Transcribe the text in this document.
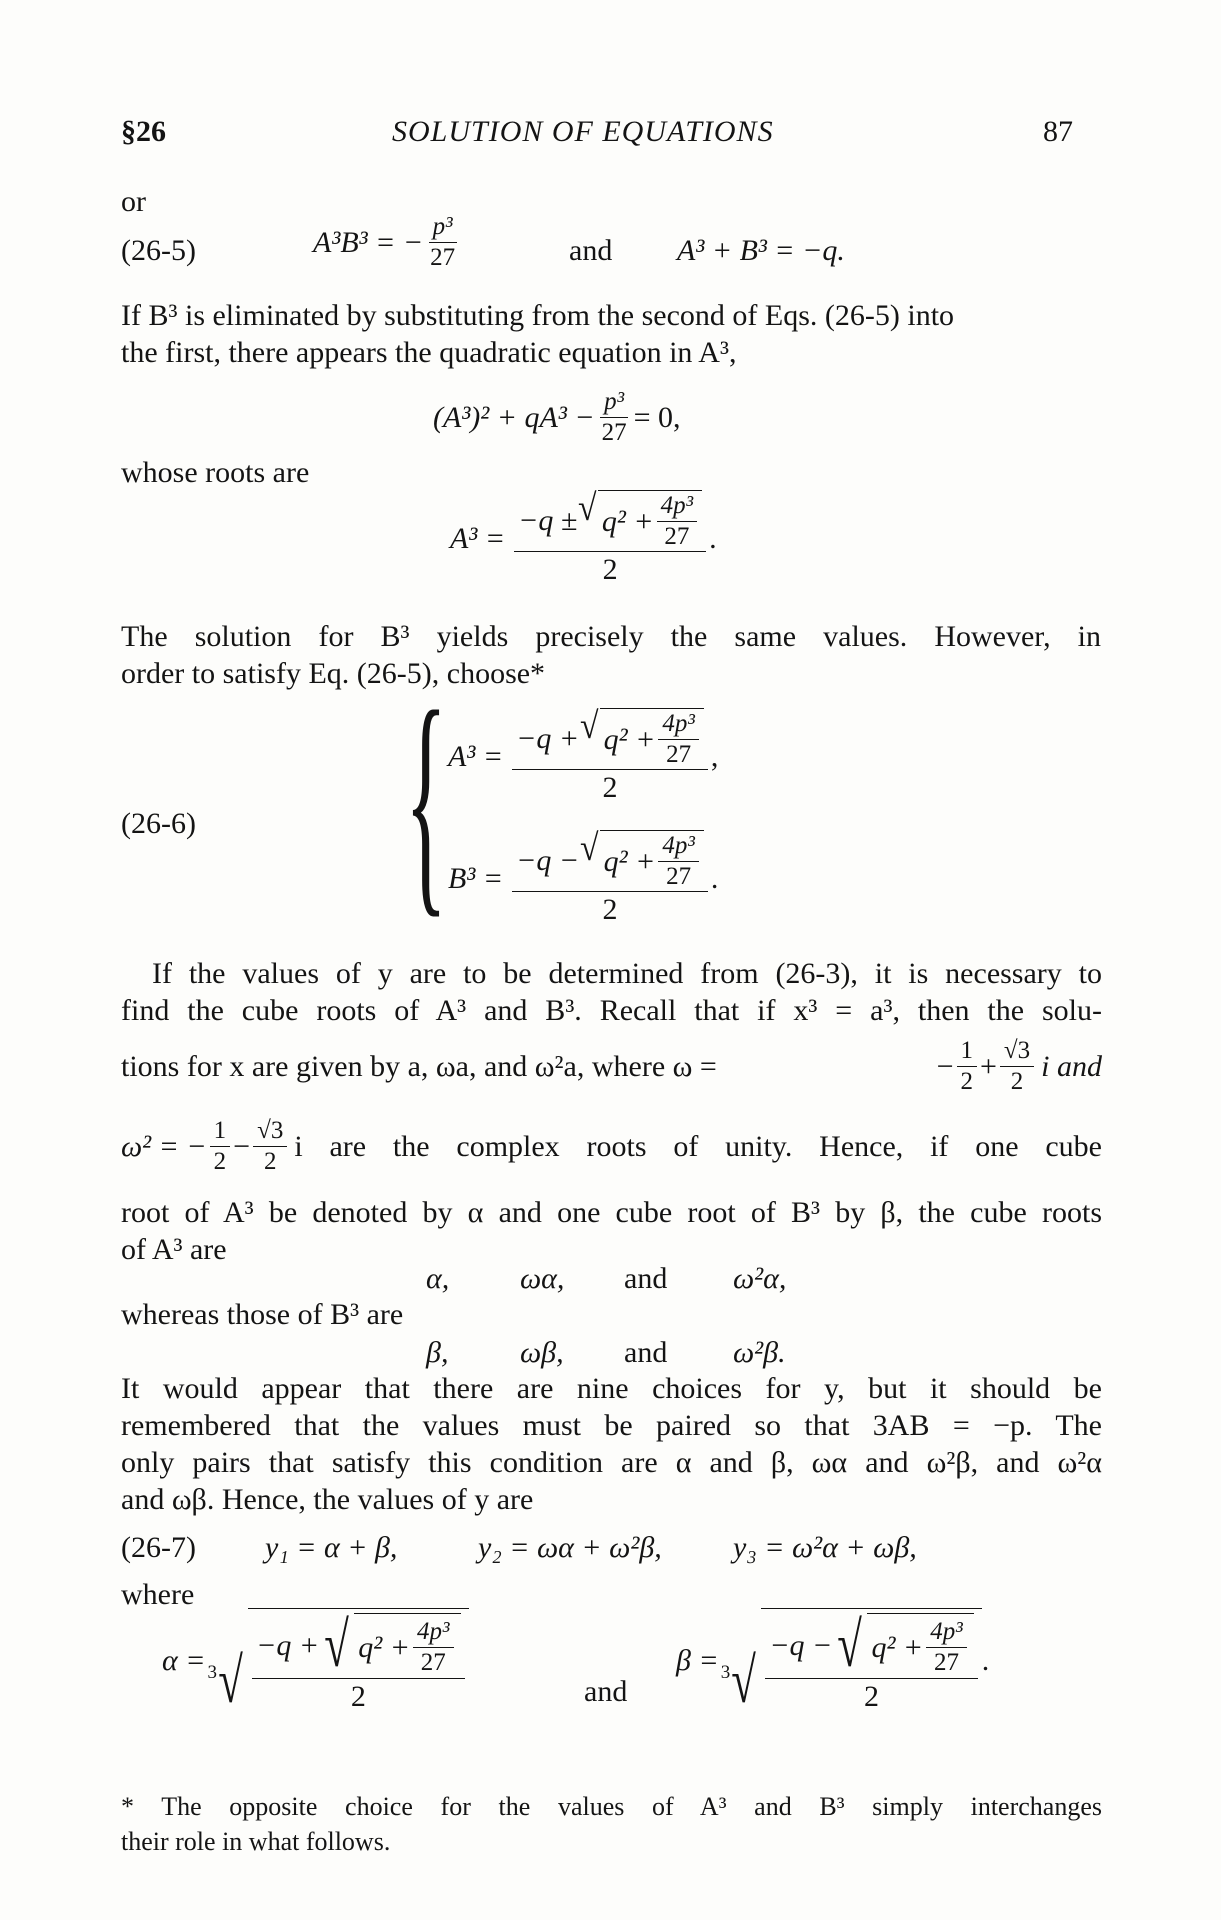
§26	SOLUTION OF EQUATIONS	87
or
(26-5)	A³B³ = − $\frac{\text{p³}}{27}$	and A³ + B³ = −q.
If B³ is eliminated by substituting from the second of Eqs. (26-5) into
the first, there appears the quadratic equation in A³,
$(A^3)^2 + qA^3 - \frac{\text{p³}}{27} = 0$,
whose roots are
$A^3 = \frac{-q \pm √ q^2 + \frac{\text{4p³}}{27}}{2}$ .

The solution for B³ yields precisely the same values. However, in

order to satisfy Eq. (26-5), choose*
(26-6) { $A^3 = \frac{-q + √ q^2 + \frac{\text{4p³}}{27}}{2}$ ,
$B^3 = \frac{-q - √ q^2 + \frac{\text{4p³}}{27}}{2}$ .

If the values of y are to be determined from (26-3), it is necessary to

find the cube roots of A³ and B³. Recall that if x³ = a³, then the solu-

tions for x are given by a, ωa, and ω²a, where ω =	− $\frac{1}{2} + \frac{√3}{2}$ i and
ω² = − $\frac{1}{2} - \frac{√3}{2}$ i are the complex roots of unity. Hence, if one cube

root of A³ be denoted by α and one cube root of B³ by β, the cube roots

of A³ are
α, ωα, and ω²α,
whereas those of B³ are
β, ωβ, and ω²β.

It would appear that there are nine choices for y, but it should be

remembered that the values must be paired so that 3AB = −p. The

only pairs that satisfy this condition are α and β, ωα and ω²β, and ω²α

and ωβ. Hence, the values of y are
(26-7) y₁ = α + β,	y₂ = ωα + ω²β, y₃ = ω²α + ωβ,
where
α = 3 √ $\frac{-q + √ q^2 + \frac{\text{4p³}}{27}}{2}$	and
β = 3 √ $\frac{-q - √ q^2 + \frac{\text{4p³}}{27}}{2}$ .

* The opposite choice for the values of A³ and B³ simply interchanges

their role in what follows.
